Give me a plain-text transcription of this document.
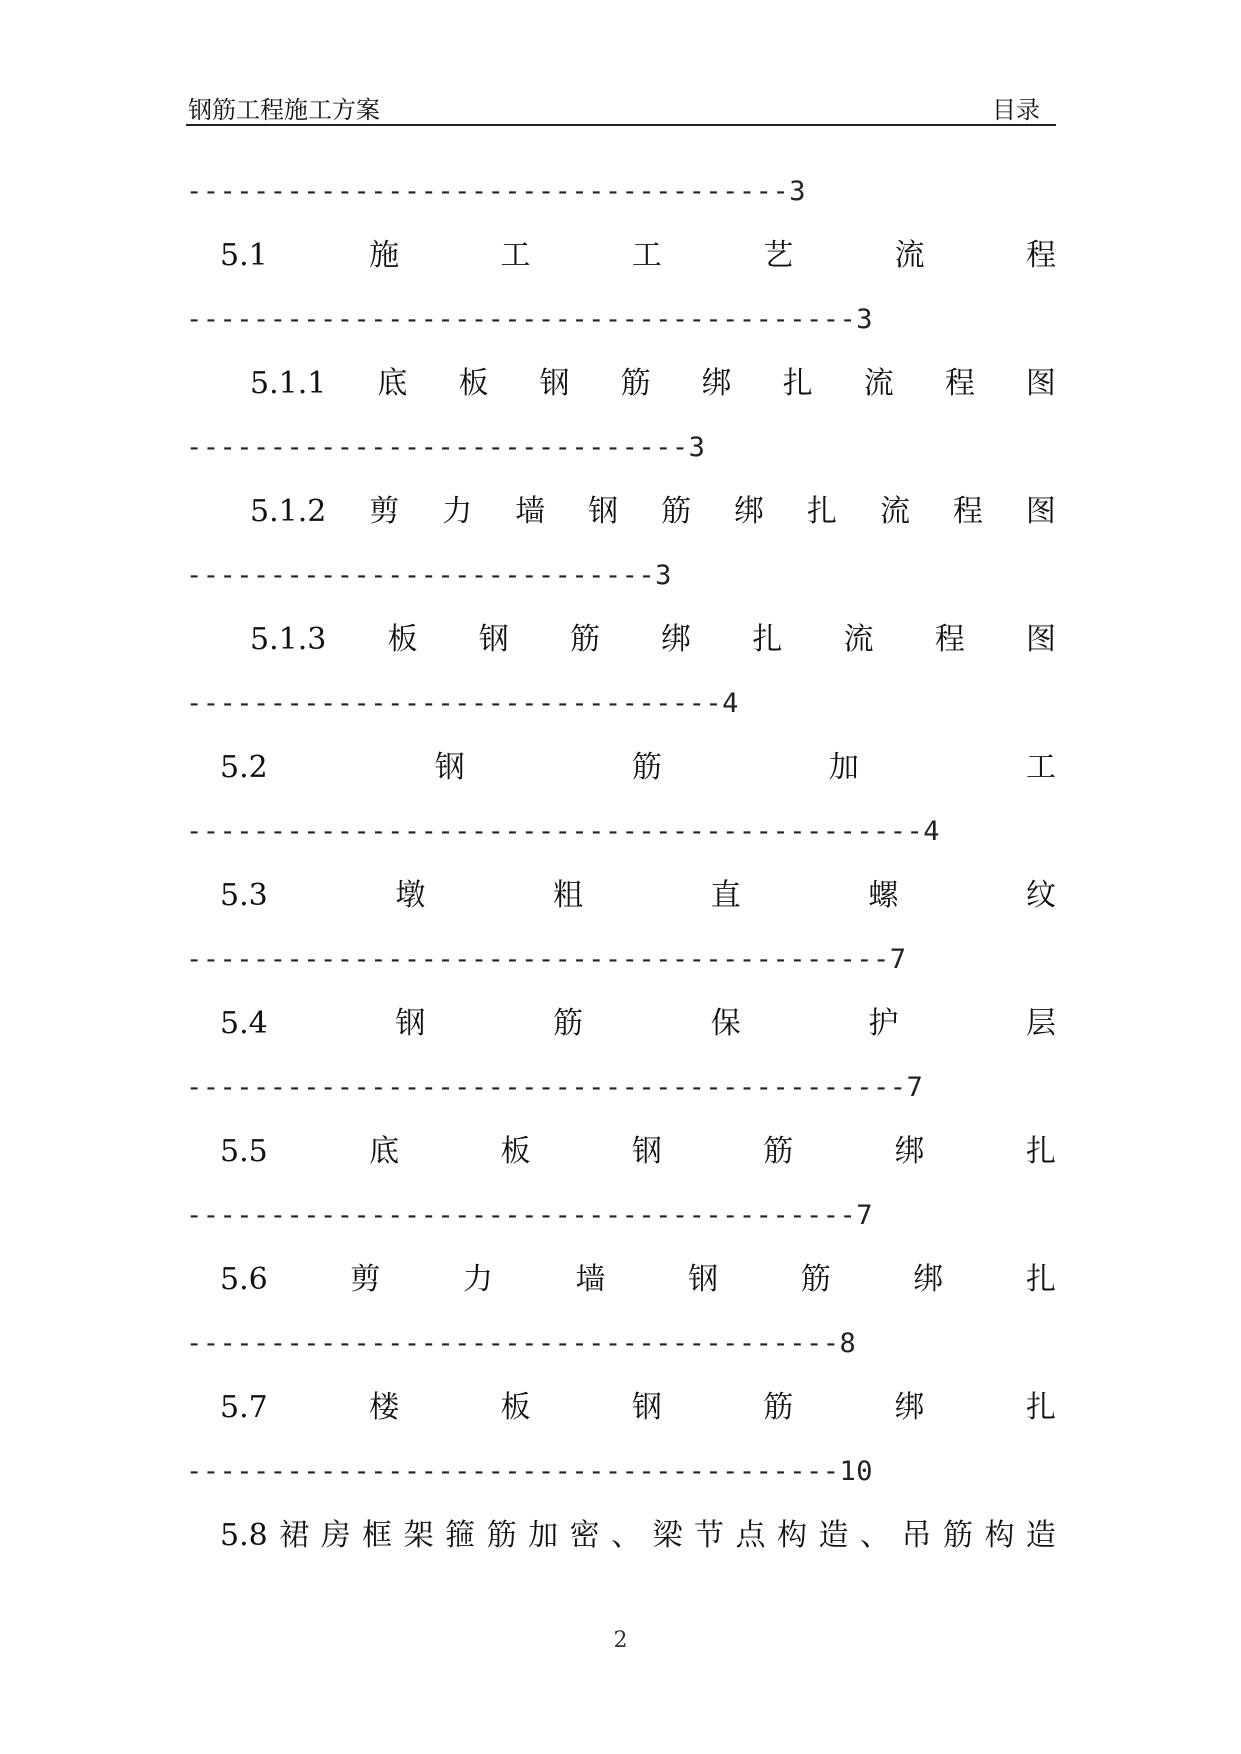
钢筋工程施工方案	目录
------------------------------------3
5.1	施	工	工	艺	流	程
----------------------------------------3
5.1.1 底 板 钢 筋 绑 扎 流 程 图
------------------------------3
5.1.2 剪 力 墙 钢 筋 绑 扎 流 程 图
----------------------------3
5.1.3 板 钢 筋 绑 扎 流 程 图
--------------------------------4
5.2	钢	筋	加	工
--------------------------------------------4
5.3	墩	粗	直	螺	纹
------------------------------------------7
5.4	钢	筋	保	护	层
-------------------------------------------7
5.5	底	板	钢	筋	绑	扎
----------------------------------------7
5.6	剪	力	墙	钢	筋	绑	扎
---------------------------------------8
5.7	楼	板	钢	筋	绑	扎
---------------------------------------10
5.8 裙 房 框 架 箍 筋 加 密 、 梁 节 点 构 造 、 吊 筋 构 造
2
